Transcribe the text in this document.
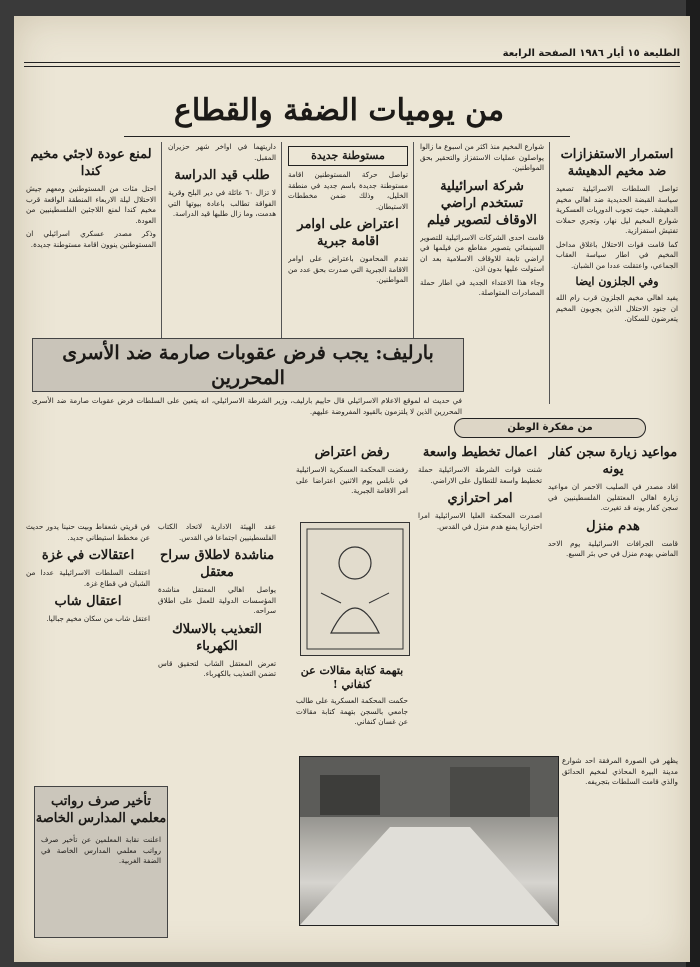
الطليعة ١٥ أيار ١٩٨٦ الصفحة الرابعة
من يوميات الضفة والقطاع
استمرار الاستفزازات ضد مخيم الدهيشة

تواصل السلطات الاسرائيلية تصعيد سياسة القبضة الحديدية ضد اهالي مخيم الدهيشة. حيث تجوب الدوريات العسكرية شوارع المخيم ليل نهار، وتجري حملات تفتيش استفزازية.

كما قامت قوات الاحتلال باغلاق مداخل المخيم في اطار سياسة العقاب الجماعي، واعتقلت عددا من الشبان.

وفي الجلزون ايضا

يفيد اهالي مخيم الجلزون قرب رام الله ان جنود الاحتلال الذين يجوبون المخيم يتعرضون للسكان.

شوارع المخيم منذ اكثر من اسبوع ما زالوا يواصلون عمليات الاستفزاز والتحقير بحق المواطنين.

شركة اسرائيلية تستخدم اراضي الاوقاف لتصوير فيلم

قامت احدى الشركات الاسرائيلية للتصوير السينمائي بتصوير مقاطع من فيلمها في اراضي تابعة للاوقاف الاسلامية بعد ان استولت عليها بدون اذن.

وجاء هذا الاعتداء الجديد في اطار حملة المصادرات المتواصلة.

مستوطنة جديدة

تواصل حركة المستوطنين اقامة مستوطنة جديدة باسم جديد في منطقة الخليل، وذلك ضمن مخططات الاستيطان.

اعتراض على اوامر اقامة جبرية

تقدم المحامون باعتراض على اوامر الاقامة الجبرية التي صدرت بحق عدد من المواطنين.

داريتهما في اواخر شهر حزيران المقبل.

طلب قيد الدراسة

لا تزال ٦٠ عائلة في دير البلح وقرية الفواقة تطالب باعادة بيوتها التي هدمت، وما زال طلبها قيد الدراسة.

لمنع عودة لاجئي مخيم كندا

احتل مئات من المستوطنين ومعهم جيش الاحتلال ليلة الاربعاء المنطقة الواقعة قرب مخيم كندا لمنع اللاجئين الفلسطينيين من العودة.

وذكر مصدر عسكري اسرائيلي ان المستوطنين ينوون اقامة مستوطنة جديدة.

بارليف: يجب فرض عقوبات صارمة ضد الأسرى المحررين
في حديث له لموقع الاعلام الاسرائيلي قال حاييم بارليف، وزير الشرطة الاسرائيلي، انه يتعين على السلطات فرض عقوبات صارمة ضد الأسرى المحررين الذين لا يلتزمون بالقيود المفروضة عليهم.
من مفكرة الوطن
مواعيد زيارة سجن كفار يونه

افاد مصدر في الصليب الاحمر ان مواعيد زيارة اهالي المعتقلين الفلسطينيين في سجن كفار يونه قد تغيرت.

هدم منزل

قامت الجرافات الاسرائيلية يوم الاحد الماضي بهدم منزل في حي بئر السبع.

اعمال تخطيط واسعة

شنت قوات الشرطة الاسرائيلية حملة تخطيط واسعة للتطاول على الاراضي.

امر احترازي

اصدرت المحكمة العليا الاسرائيلية امرا احترازيا يمنع هدم منزل في القدس.

رفض اعتراض

رفضت المحكمة العسكرية الاسرائيلية في نابلس يوم الاثنين اعتراضا على امر الاقامة الجبرية.

بتهمة كتابة مقالات عن كنفاني !

حكمت المحكمة العسكرية على طالب جامعي بالسجن بتهمة كتابة مقالات عن غسان كنفاني.

عقد الهيئة الادارية لاتحاد الكتاب الفلسطينيين اجتماعا في القدس.

مناشدة لاطلاق سراح معتقل

يواصل اهالي المعتقل مناشدة المؤسسات الدولية للعمل على اطلاق سراحه.

التعذيب بالاسلاك الكهرباء

تعرض المعتقل الشاب لتحقيق قاس تضمن التعذيب بالكهرباء.

في قريتي شعفاط وبيت حنينا يدور حديث عن مخطط استيطاني جديد.

اعتقالات في غزة

اعتقلت السلطات الاسرائيلية عددا من الشبان في قطاع غزة.

اعتقال شاب

اعتقل شاب من سكان مخيم جباليا.

يظهر في الصورة المرفقة احد شوارع مدينة البيرة المحاذي لمخيم الحدائق والذي قامت السلطات بتجريفه.
تأخير صرف رواتب معلمي المدارس الخاصة
اعلنت نقابة المعلمين عن تأخير صرف رواتب معلمي المدارس الخاصة في الضفة الغربية.
